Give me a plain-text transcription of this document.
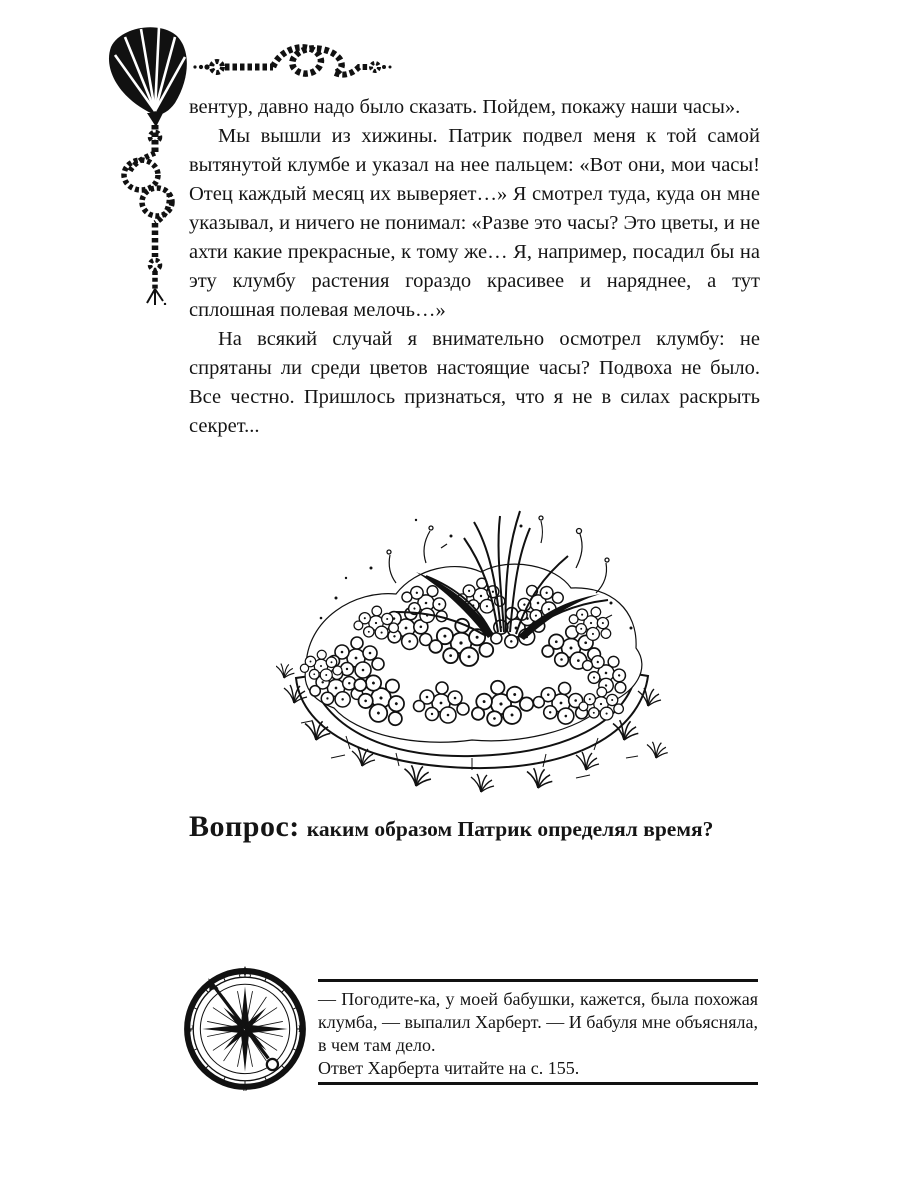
вентур, давно надо было сказать. Пойдем, покажу наши часы».

Мы вышли из хижины. Патрик подвел меня к той самой вытянутой клумбе и указал на нее пальцем: «Вот они, мои часы! Отец каждый месяц их выверяет…» Я смотрел туда, куда он мне указывал, и ничего не понимал: «Разве это часы? Это цветы, и не ахти какие прекрасные, к тому же… Я, например, посадил бы на эту клумбу растения гораздо красивее и наряднее, а тут сплошная полевая мелочь…»

На всякий случай я внимательно осмотрел клумбу: не спрятаны ли среди цветов настоящие часы? Подвоха не было. Все честно. Пришлось признаться, что я не в силах раскрыть секрет...

Вопрос: каким образом Патрик определял время?
W	E
S

— Погодите-ка, у моей бабушки, кажется, была похожая клумба, — выпалил Харберт. — И бабуля мне объясняла, в чем там дело.

Ответ Харберта читайте на с. 155.
